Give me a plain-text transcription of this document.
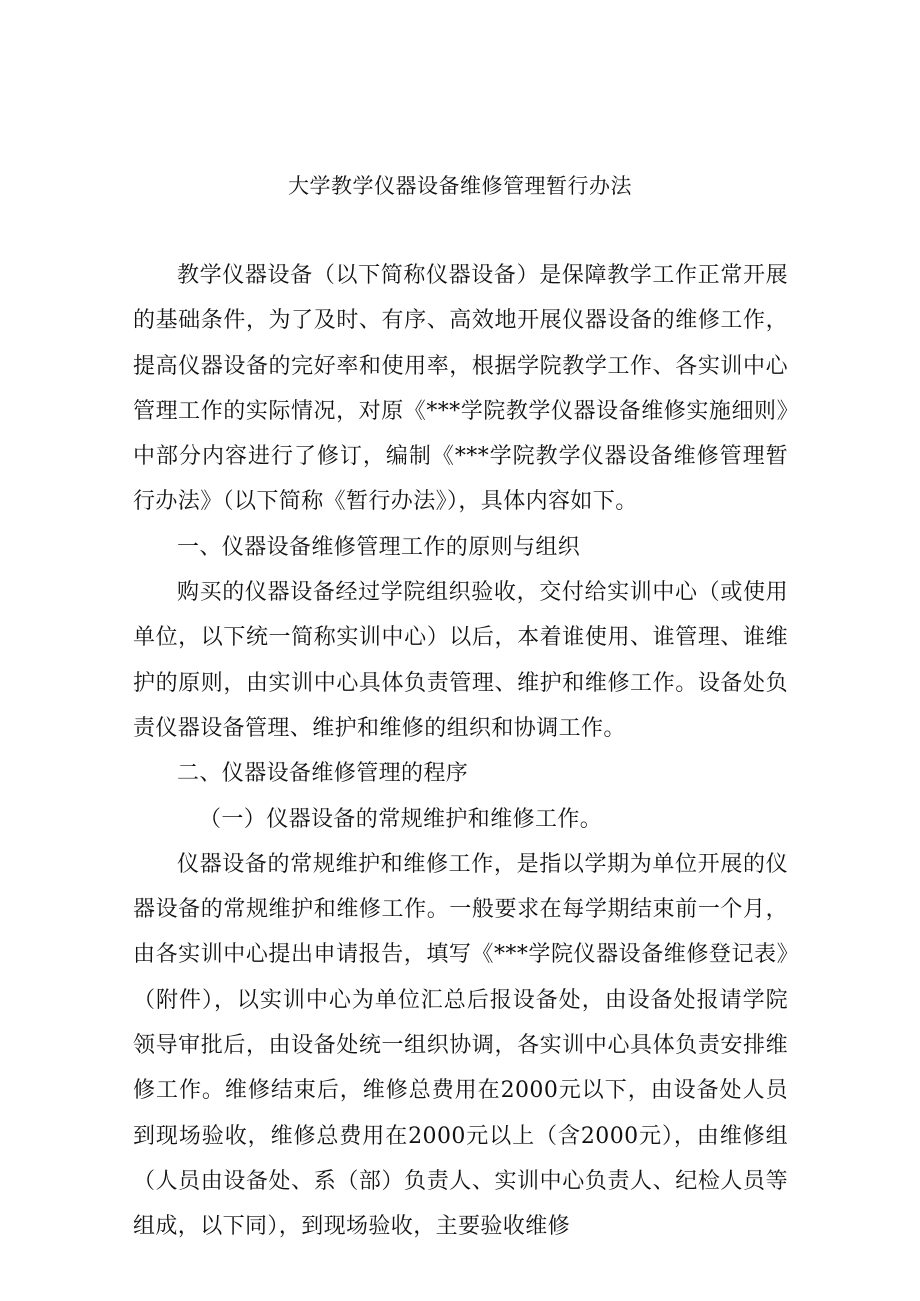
大学教学仪器设备维修管理暂行办法

教学仪器设备（以下简称仪器设备）是保障教学工作正常开展的基础条件，为了及时、有序、高效地开展仪器设备的维修工作，提高仪器设备的完好率和使用率，根据学院教学工作、各实训中心管理工作的实际情况，对原《***学院教学仪器设备维修实施细则》中部分内容进行了修订，编制《***学院教学仪器设备维修管理暂行办法》（以下简称《暂行办法》），具体内容如下。

一、仪器设备维修管理工作的原则与组织

购买的仪器设备经过学院组织验收，交付给实训中心（或使用单位，以下统一简称实训中心）以后，本着谁使用、谁管理、谁维护的原则，由实训中心具体负责管理、维护和维修工作。设备处负责仪器设备管理、维护和维修的组织和协调工作。

二、仪器设备维修管理的程序

（一）仪器设备的常规维护和维修工作。

仪器设备的常规维护和维修工作，是指以学期为单位开展的仪器设备的常规维护和维修工作。一般要求在每学期结束前一个月，由各实训中心提出申请报告，填写《***学院仪器设备维修登记表》（附件），以实训中心为单位汇总后报设备处，由设备处报请学院领导审批后，由设备处统一组织协调，各实训中心具体负责安排维修工作。维修结束后，维修总费用在2000元以下，由设备处人员到现场验收，维修总费用在2000元以上（含2000元），由维修组（人员由设备处、系（部）负责人、实训中心负责人、纪检人员等组成，以下同），到现场验收，主要验收维修
